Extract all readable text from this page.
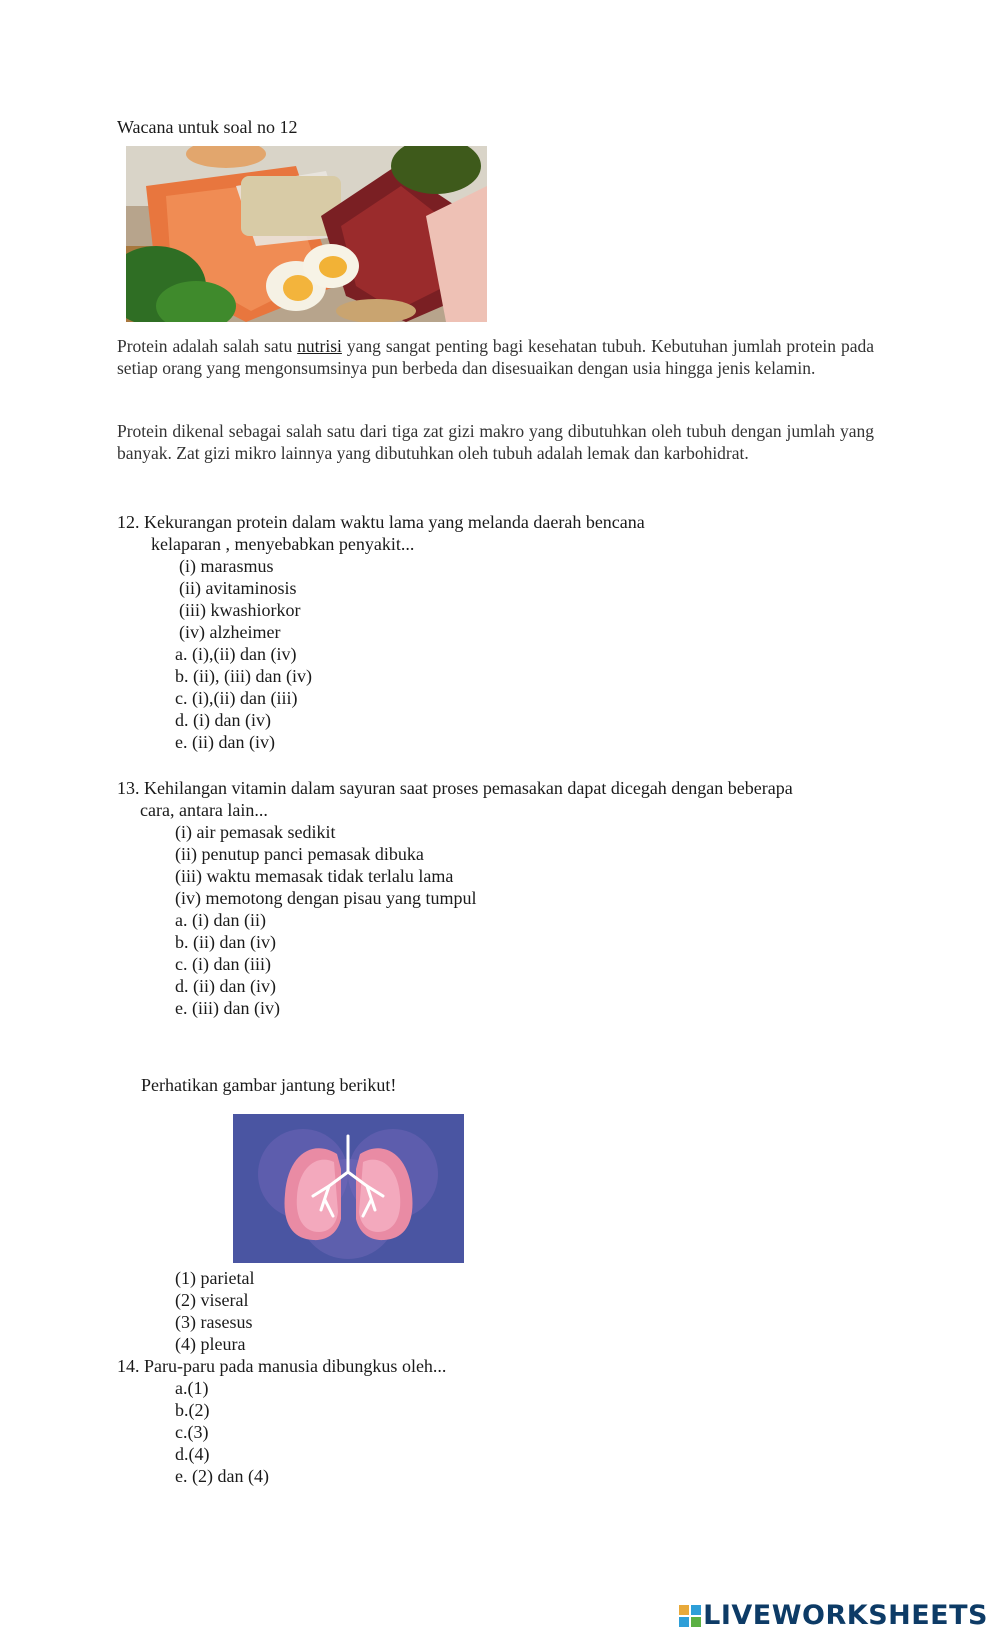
Wacana untuk soal no 12
Protein adalah salah satu nutrisi yang sangat penting bagi kesehatan tubuh. Kebutuhan jumlah protein pada setiap orang yang mengonsumsinya pun berbeda dan disesuaikan dengan usia hingga jenis kelamin.
Protein dikenal sebagai salah satu dari tiga zat gizi makro yang dibutuhkan oleh tubuh dengan jumlah yang banyak. Zat gizi mikro lainnya yang dibutuhkan oleh tubuh adalah lemak dan karbohidrat.
12. Kekurangan protein dalam waktu lama yang melanda daerah bencana
kelaparan , menyebabkan penyakit...
(i) marasmus
(ii) avitaminosis
(iii) kwashiorkor
(iv) alzheimer
a. (i),(ii) dan (iv)
b. (ii), (iii) dan (iv)
c. (i),(ii) dan (iii)
d. (i) dan (iv)
e. (ii) dan (iv)
13. Kehilangan vitamin dalam sayuran saat proses pemasakan dapat dicegah dengan beberapa
cara, antara lain...
(i) air pemasak sedikit
(ii) penutup panci pemasak dibuka
(iii) waktu memasak tidak terlalu lama
(iv) memotong dengan pisau yang tumpul
a. (i) dan (ii)
b. (ii) dan (iv)
c. (i) dan (iii)
d. (ii) dan (iv)
e. (iii) dan (iv)
Perhatikan gambar jantung berikut!
(1) parietal
(2) viseral
(3) rasesus
(4) pleura
14. Paru-paru pada manusia dibungkus oleh...
a.(1)
b.(2)
c.(3)
d.(4)
e. (2) dan (4)
LIVEWORKSHEETS
